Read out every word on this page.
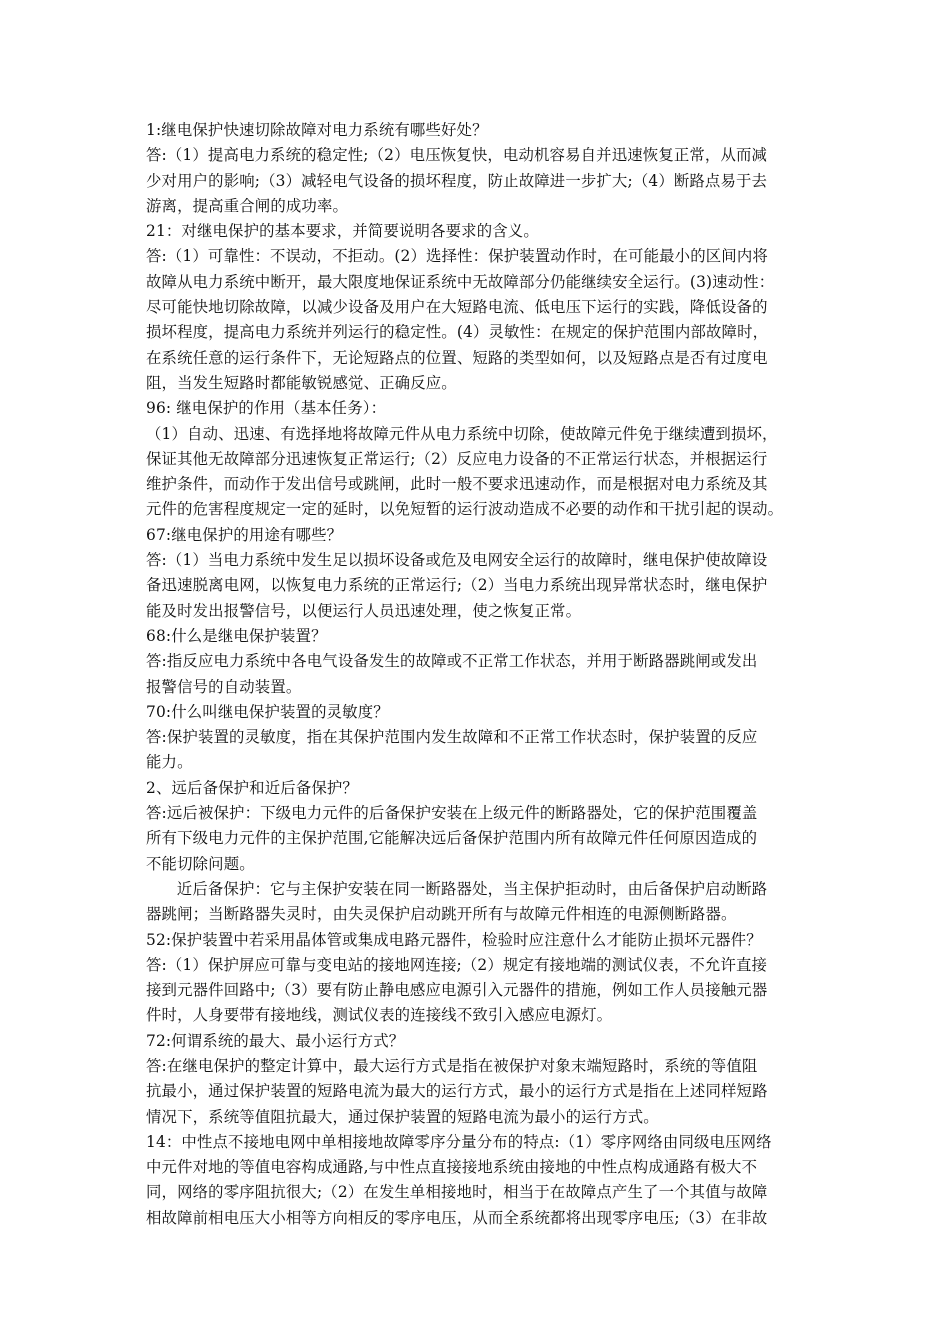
1:继电保护快速切除故障对电力系统有哪些好处？

答:（1）提高电力系统的稳定性;（2）电压恢复快，电动机容易自并迅速恢复正常，从而减

少对用户的影响;（3）减轻电气设备的损坏程度，防止故障进一步扩大;（4）断路点易于去

游离，提高重合闸的成功率。

21：对继电保护的基本要求，并简要说明各要求的含义。

答:（1）可靠性：不误动，不拒动。(2）选择性：保护装置动作时，在可能最小的区间内将

故障从电力系统中断开，最大限度地保证系统中无故障部分仍能继续安全运行。(3)速动性：

尽可能快地切除故障，以减少设备及用户在大短路电流、低电压下运行的实践，降低设备的

损坏程度，提高电力系统并列运行的稳定性。(4）灵敏性：在规定的保护范围内部故障时，

在系统任意的运行条件下，无论短路点的位置、短路的类型如何，以及短路点是否有过度电

阻，当发生短路时都能敏锐感觉、正确反应。

96: 继电保护的作用（基本任务）：

（1）自动、迅速、有选择地将故障元件从电力系统中切除，使故障元件免于继续遭到损坏，

保证其他无故障部分迅速恢复正常运行;（2）反应电力设备的不正常运行状态，并根据运行

维护条件，而动作于发出信号或跳闸，此时一般不要求迅速动作，而是根据对电力系统及其

元件的危害程度规定一定的延时，以免短暂的运行波动造成不必要的动作和干扰引起的误动。

67:继电保护的用途有哪些？

答:（1）当电力系统中发生足以损坏设备或危及电网安全运行的故障时，继电保护使故障设

备迅速脱离电网，以恢复电力系统的正常运行;（2）当电力系统出现异常状态时，继电保护

能及时发出报警信号，以便运行人员迅速处理，使之恢复正常。

68:什么是继电保护装置？

答:指反应电力系统中各电气设备发生的故障或不正常工作状态，并用于断路器跳闸或发出

报警信号的自动装置。

70:什么叫继电保护装置的灵敏度？

答:保护装置的灵敏度，指在其保护范围内发生故障和不正常工作状态时，保护装置的反应

能力。

2、远后备保护和近后备保护？

答:远后被保护：下级电力元件的后备保护安装在上级元件的断路器处，它的保护范围覆盖

所有下级电力元件的主保护范围,它能解决远后备保护范围内所有故障元件任何原因造成的

不能切除问题。

近后备保护：它与主保护安装在同一断路器处，当主保护拒动时，由后备保护启动断路

器跳闸；当断路器失灵时，由失灵保护启动跳开所有与故障元件相连的电源侧断路器。

52:保护装置中若采用晶体管或集成电路元器件，检验时应注意什么才能防止损坏元器件？

答:（1）保护屏应可靠与变电站的接地网连接;（2）规定有接地端的测试仪表，不允许直接

接到元器件回路中;（3）要有防止静电感应电源引入元器件的措施，例如工作人员接触元器

件时，人身要带有接地线，测试仪表的连接线不致引入感应电源灯。

72:何谓系统的最大、最小运行方式？

答:在继电保护的整定计算中，最大运行方式是指在被保护对象末端短路时，系统的等值阻

抗最小，通过保护装置的短路电流为最大的运行方式，最小的运行方式是指在上述同样短路

情况下，系统等值阻抗最大，通过保护装置的短路电流为最小的运行方式。

14：中性点不接地电网中单相接地故障零序分量分布的特点:（1）零序网络由同级电压网络

中元件对地的等值电容构成通路,与中性点直接接地系统由接地的中性点构成通路有极大不

同，网络的零序阻抗很大;（2）在发生单相接地时，相当于在故障点产生了一个其值与故障

相故障前相电压大小相等方向相反的零序电压，从而全系统都将出现零序电压;（3）在非故
